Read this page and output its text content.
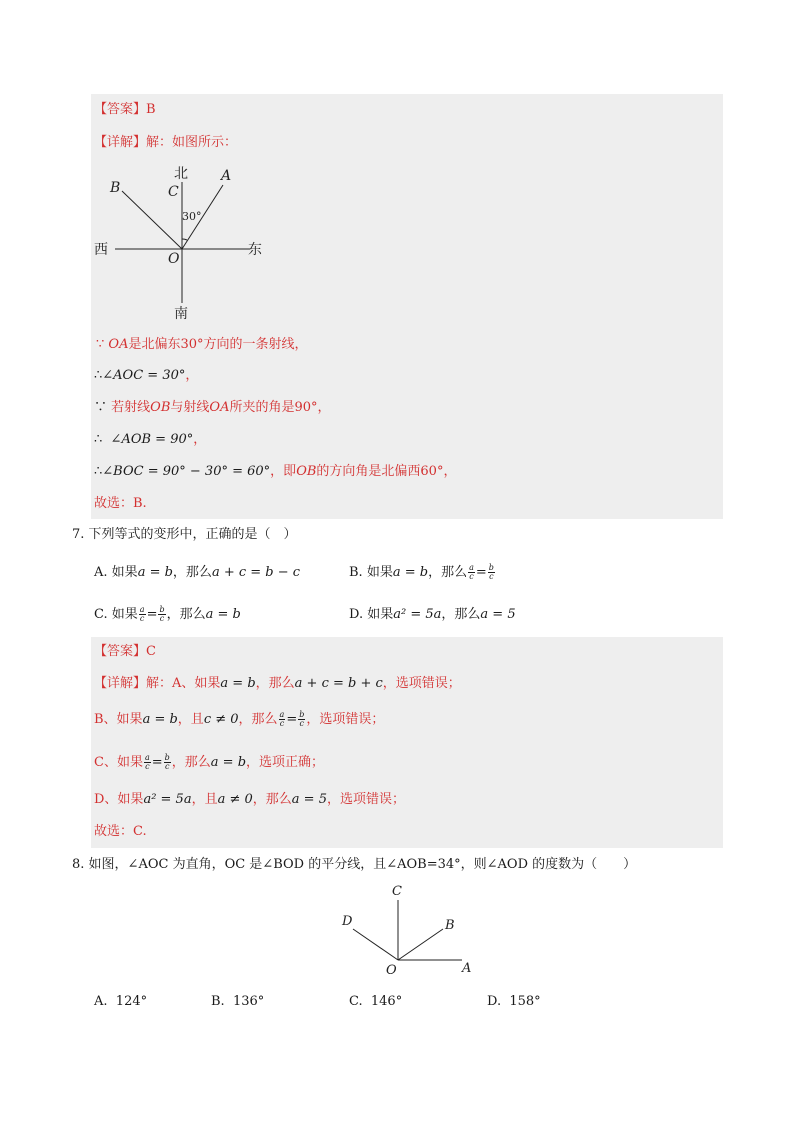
【答案】B
【详解】解：如图所示：
北
南
西	东
B
A
C
O
30°
∵ OA是北偏东30°方向的一条射线，
∴∠AOC = 30°，
∵ 若射线OB与射线OA所夹的角是90°，
∴ ∠AOB = 90°，
∴∠BOC = 90° − 30° = 60°，即OB的方向角是北偏西60°，
故选：B.
7. 下列等式的变形中，正确的是（　）
A. 如果a = b，那么a + c = b − c	B. 如果a = b，那么 $\frac{a}{c} = \frac{b}{c}$
C. 如果 $\frac{a}{c} = \frac{b}{c}$ ，那么a = b	D. 如果a² = 5a，那么a = 5
【答案】C
【详解】解：A、如果a = b，那么a + c = b + c，选项错误；
B、如果a = b，且c ≠ 0，那么 $\frac{a}{c} = \frac{b}{c}$ ，选项错误；
C、如果 $\frac{a}{c} = \frac{b}{c}$ ，那么a = b，选项正确；
D、如果a² = 5a，且a ≠ 0，那么a = 5，选项错误；
故选：C.
8. 如图，∠AOC 为直角，OC 是∠BOD 的平分线，且∠AOB=34°，则∠AOD 的度数为（　　）
C
D	B
A
O
A. 124°	B. 136°	C. 146°	D. 158°
